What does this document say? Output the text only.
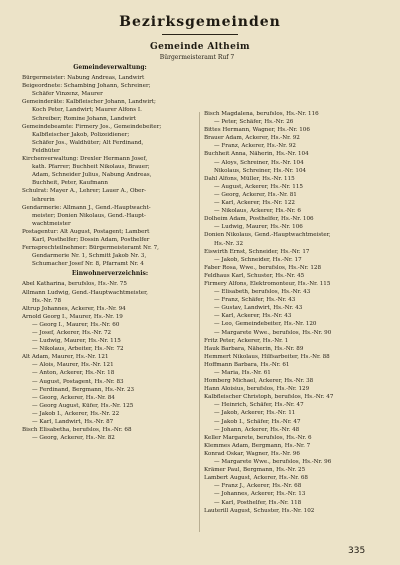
Bezirksgemeinden
Gemeinde Altheim
Bürgermeisteramt Ruf 7
Gemeindeverwaltung:
Bürgermeister: Nabung Andreas, Landwirt
Beigeordnete: Schambing Johann, Schreiner;
Schäfer Vinzenz, Maurer
Gemeinderäte: Kalbfleischer Johann, Landwirt;
Koch Peter, Landwirt; Maurer Alfons I.
Schreiber; Romine Johann, Landwirt
Gemeindebeamte: Firmery Jos., Gemeindebeiter;
Kalbfleischer Jakob, Polizeidiener;
Schäfer Jos., Waldhüter; Alt Ferdinand,
Feldhüter
Kirchenverwaltung: Drexler Hermann Josef,
kath. Pfarrer; Buchheit Nikolaus, Brauer;
Adam, Schneider Julius, Nabung Andreas,
Buchheit, Peter, Kaufmann
Schulrat: Mayer A., Lehrer; Lauer A., Ober-
lehrerin
Gendarmerie: Allmann J., Gend.-Hauptwacht-
meister; Donien Nikolaus, Gend.-Haupt-
wachtmeister
Postagentur: Alt August, Postagent; Lambert
Karl, Posthelfer; Dossin Adam, Posthelfer
Fernsprechteilnehmer: Bürgermeisteramt Nr. 7,
Gendarmerie Nr. 1, Schmitt Jakob Nr. 3,
Schumacher Josef Nr. 8, Pfarramt Nr. 4
Einwohnerverzeichnis:
Abel Katharina, berufslos, Hs.-Nr. 75
Allmann Ludwig, Gend.-Hauptwachtmeister,
Hs.-Nr. 78
Altrup Johannes, Ackerer, Hs.-Nr. 94
Arnold Georg I., Maurer, Hs.-Nr. 19
— Georg I., Maurer, Hs.-Nr. 60
— Josef, Ackerer, Hs.-Nr. 72
— Ludwig, Maurer, Hs.-Nr. 115
— Nikolaus, Arbeiter, Hs.-Nr. 72
Alt Adam, Maurer, Hs.-Nr. 121
— Alois, Maurer, Hs.-Nr. 121
— Anton, Ackerer, Hs.-Nr. 18
— August, Postagent, Hs.-Nr. 83
— Ferdinand, Bergmann, Hs.-Nr. 23
— Georg, Ackerer, Hs.-Nr. 84
— Georg August, Küfer, Hs.-Nr. 125
— Jakob I., Ackerer, Hs.-Nr. 22
— Karl, Landwirt, Hs.-Nr. 87
Bisch Elisabetha, berufslos, Hs.-Nr. 68
— Georg, Ackerer, Hs.-Nr. 82
Bisch Magdalena, berufslos, Hs.-Nr. 116
— Peter, Schäfer, Hs.-Nr. 26
Bittes Hermann, Wagner, Hs.-Nr. 106
Brauer Adam, Ackerer, Hs.-Nr. 92
— Franz, Ackerer, Hs.-Nr. 92
Buchheit Anna, Näherin, Hs.-Nr. 104
— Aloys, Schreiner, Hs.-Nr. 104
Nikolaus, Schreiner, Hs.-Nr. 104
Dahl Alfons, Müller, Hs.-Nr. 115
— August, Ackerer, Hs.-Nr. 115
— Georg, Ackerer, Hs.-Nr. 81
— Karl, Ackerer, Hs.-Nr. 122
— Nikolaus, Ackerer, Hs.-Nr. 6
Dolheim Adam, Posthelfer, Hs.-Nr. 106
— Ludwig, Maurer, Hs.-Nr. 106
Donien Nikolaus, Gend.-Hauptwachtmeister,
Hs.-Nr. 32
Eiswirth Ernst, Schneider, Hs.-Nr. 17
— Jakob, Schneider, Hs.-Nr. 17
Faber Rosa, Wwe., berufslos, Hs.-Nr. 128
Feldhaus Karl, Schuster, Hs.-Nr. 45
Firmery Alfons, Elektromonteur, Hs.-Nr. 115
— Elisabeth, berufslos, Hs.-Nr. 43
— Franz, Schäfer, Hs.-Nr. 43
— Gustav, Landwirt, Hs.-Nr. 43
— Karl, Ackerer, Hs.-Nr. 43
— Leo, Gemeindebeiter, Hs.-Nr. 120
— Margarete Wwe., berufslos, Hs.-Nr. 90
Fritz Peter, Ackerer, Hs.-Nr. 1
Hauk Barbara, Näherin, Hs.-Nr. 89
Hemmert Nikolaus, Hilfsarbeiter, Hs.-Nr. 88
Hoffmann Barbara, Hs.-Nr. 61
— Maria, Hs.-Nr. 61
Homberg Michael, Ackerer, Hs.-Nr. 38
Hann Aloisius, berufslos, Hs.-Nr. 129
Kalbfleischer Christoph, berufslos, Hs.-Nr. 47
— Heinrich, Schäfer, Hs.-Nr. 47
— Jakob, Ackerer, Hs.-Nr. 11
— Jakob I., Schäfer, Hs.-Nr. 47
— Johann, Ackerer, Hs.-Nr. 48
Keller Margarete, berufslos, Hs.-Nr. 6
Klemmes Adam, Bergmann, Hs.-Nr. 7
Konrad Oskar, Wagner, Hs.-Nr. 96
— Margarete Wwe., berufslos, Hs.-Nr. 96
Krämer Paul, Bergmann, Hs.-Nr. 25
Lambert August, Ackerer, Hs.-Nr. 68
— Franz J., Ackerer, Hs.-Nr. 68
— Johannes, Ackerer, Hs.-Nr. 13
— Karl, Posthelfer, Hs.-Nr. 118
Lauterill August, Schuster, Hs.-Nr. 102
335
